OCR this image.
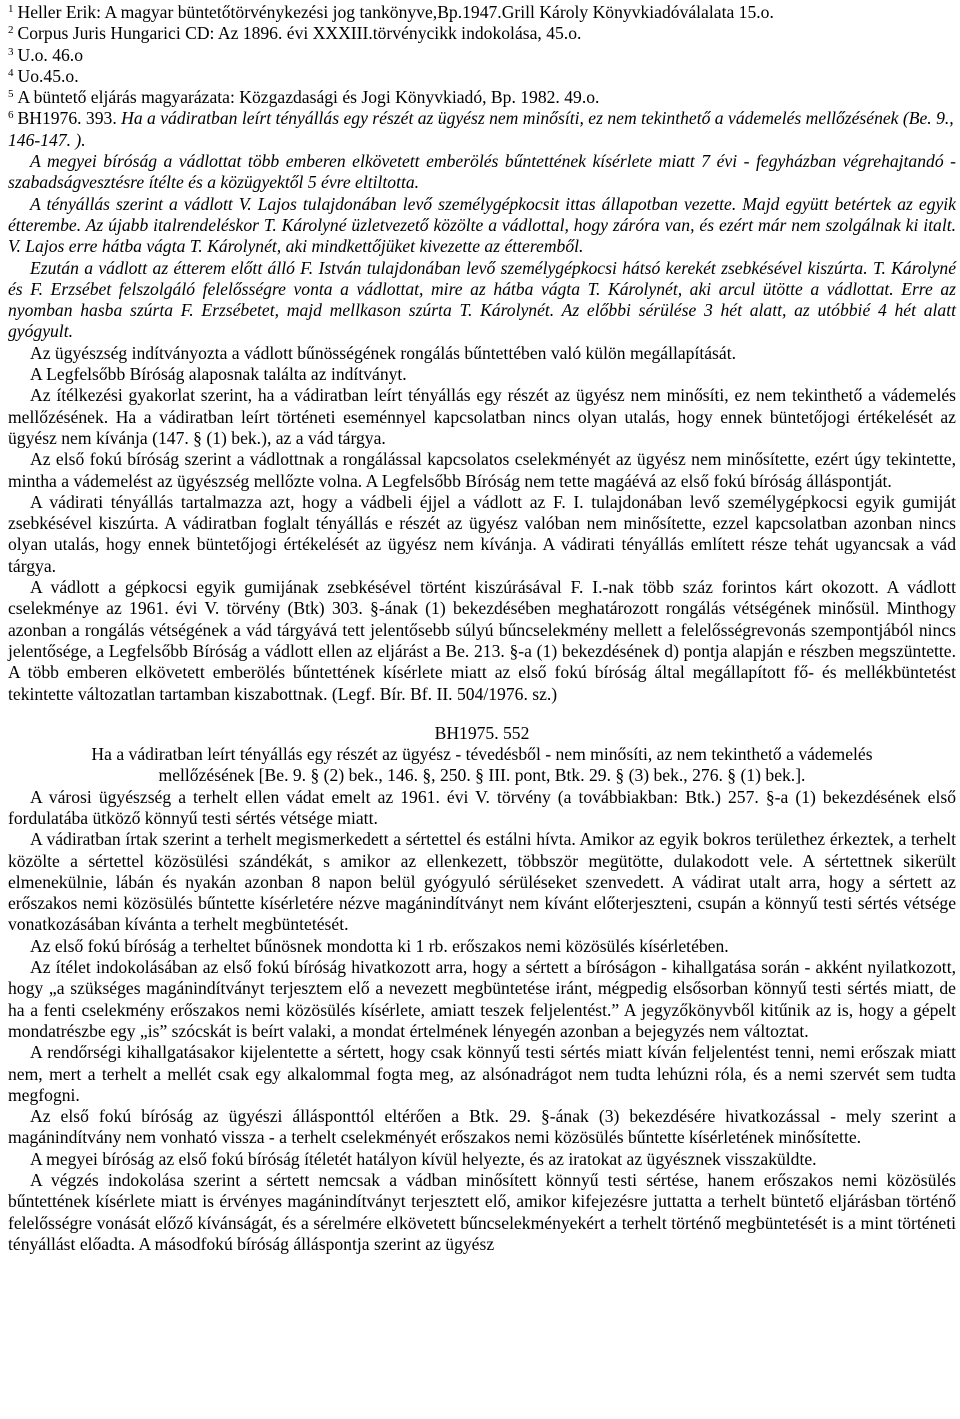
$^1$ Heller Erik: A magyar büntetőtörvénykezési jog tankönyve,Bp.1947.Grill Károly Könyvkiadóválalata 15.o.

$^2$ Corpus Juris Hungarici CD: Az 1896. évi XXXIII.törvénycikk indokolása, 45.o.

$^3$ U.o. 46.o

$^4$ Uo.45.o.

$^5$ A büntető eljárás magyarázata: Közgazdasági és Jogi Könyvkiadó, Bp. 1982. 49.o.

$^6$ BH1976. 393. Ha a vádiratban leírt tényállás egy részét az ügyész nem minősíti, ez nem tekinthető a vádemelés mellőzésének (Be. 9., 146-147. ).

A megyei bíróság a vádlottat több emberen elkövetett emberölés bűntettének kísérlete miatt 7 évi - fegyházban végrehajtandó - szabadságvesztésre ítélte és a közügyektől 5 évre eltiltotta.

A tényállás szerint a vádlott V. Lajos tulajdonában levő személygépkocsit ittas állapotban vezette. Majd együtt betértek az egyik étterembe. Az újabb italrendeléskor T. Károlyné üzletvezető közölte a vádlottal, hogy záróra van, és ezért már nem szolgálnak ki italt. V. Lajos erre hátba vágta T. Károlynét, aki mindkettőjüket kivezette az étteremből.

Ezután a vádlott az étterem előtt álló F. István tulajdonában levő személygépkocsi hátsó kerekét zsebkésével kiszúrta. T. Károlyné és F. Erzsébet felszolgáló felelősségre vonta a vádlottat, mire az hátba vágta T. Károlynét, aki arcul ütötte a vádlottat. Erre az nyomban hasba szúrta F. Erzsébetet, majd mellkason szúrta T. Károlynét. Az előbbi sérülése 3 hét alatt, az utóbbié 4 hét alatt gyógyult.

Az ügyészség indítványozta a vádlott bűnösségének rongálás bűntettében való külön megállapítását.

A Legfelsőbb Bíróság alaposnak találta az indítványt.

Az ítélkezési gyakorlat szerint, ha a vádiratban leírt tényállás egy részét az ügyész nem minősíti, ez nem tekinthető a vádemelés mellőzésének. Ha a vádiratban leírt történeti eseménnyel kapcsolatban nincs olyan utalás, hogy ennek büntetőjogi értékelését az ügyész nem kívánja (147. § (1) bek.), az a vád tárgya.

Az első fokú bíróság szerint a vádlottnak a rongálással kapcsolatos cselekményét az ügyész nem minősítette, ezért úgy tekintette, mintha a vádemelést az ügyészség mellőzte volna. A Legfelsőbb Bíróság nem tette magáévá az első fokú bíróság álláspontját.

A vádirati tényállás tartalmazza azt, hogy a vádbeli éjjel a vádlott az F. I. tulajdonában levő személygépkocsi egyik gumiját zsebkésével kiszúrta. A vádiratban foglalt tényállás e részét az ügyész valóban nem minősítette, ezzel kapcsolatban azonban nincs olyan utalás, hogy ennek büntetőjogi értékelését az ügyész nem kívánja. A vádirati tényállás említett része tehát ugyancsak a vád tárgya.

A vádlott a gépkocsi egyik gumijának zsebkésével történt kiszúrásával F. I.-nak több száz forintos kárt okozott. A vádlott cselekménye az 1961. évi V. törvény (Btk) 303. §-ának (1) bekezdésében meghatározott rongálás vétségének minősül. Minthogy azonban a rongálás vétségének a vád tárgyává tett jelentősebb súlyú bűncselekmény mellett a felelősségrevonás szempontjából nincs jelentősége, a Legfelsőbb Bíróság a vádlott ellen az eljárást a Be. 213. §-a (1) bekezdésének d) pontja alapján e részben megszüntette. A több emberen elkövetett emberölés bűntettének kísérlete miatt az első fokú bíróság által megállapított fő- és mellékbüntetést tekintette változatlan tartamban kiszabottnak. (Legf. Bír. Bf. II. 504/1976. sz.)

BH1975. 552

Ha a vádiratban leírt tényállás egy részét az ügyész - tévedésből - nem minősíti, az nem tekinthető a vádemelés mellőzésének [Be. 9. § (2) bek., 146. §, 250. § III. pont, Btk. 29. § (3) bek., 276. § (1) bek.].

A városi ügyészség a terhelt ellen vádat emelt az 1961. évi V. törvény (a továbbiakban: Btk.) 257. §-a (1) bekezdésének első fordulatába ütköző könnyű testi sértés vétsége miatt.

A vádiratban írtak szerint a terhelt megismerkedett a sértettel és estálni hívta. Amikor az egyik bokros területhez érkeztek, a terhelt közölte a sértettel közösülési szándékát, s amikor az ellenkezett, többször megütötte, dulakodott vele. A sértettnek sikerült elmenekülnie, lábán és nyakán azonban 8 napon belül gyógyuló sérüléseket szenvedett. A vádirat utalt arra, hogy a sértett az erőszakos nemi közösülés bűntette kísérletére nézve magánindítványt nem kívánt előterjeszteni, csupán a könnyű testi sértés vétsége vonatkozásában kívánta a terhelt megbüntetését.

Az első fokú bíróság a terheltet bűnösnek mondotta ki 1 rb. erőszakos nemi közösülés kísérletében.

Az ítélet indokolásában az első fokú bíróság hivatkozott arra, hogy a sértett a bíróságon - kihallgatása során - akként nyilatkozott, hogy „a szükséges magánindítványt terjesztem elő a nevezett megbüntetése iránt, mégpedig elsősorban könnyű testi sértés miatt, de ha a fenti cselekmény erőszakos nemi közösülés kísérlete, amiatt teszek feljelentést.” A jegyzőkönyvből kitűnik az is, hogy a gépelt mondatrészbe egy „is” szócskát is beírt valaki, a mondat értelmének lényegén azonban a bejegyzés nem változtat.

A rendőrségi kihallgatásakor kijelentette a sértett, hogy csak könnyű testi sértés miatt kíván feljelentést tenni, nemi erőszak miatt nem, mert a terhelt a mellét csak egy alkalommal fogta meg, az alsónadrágot nem tudta lehúzni róla, és a nemi szervét sem tudta megfogni.

Az első fokú bíróság az ügyészi állásponttól eltérően a Btk. 29. §-ának (3) bekezdésére hivatkozással - mely szerint a magánindítvány nem vonható vissza - a terhelt cselekményét erőszakos nemi közösülés bűntette kísérletének minősítette.

A megyei bíróság az első fokú bíróság ítéletét hatályon kívül helyezte, és az iratokat az ügyésznek visszaküldte.

A végzés indokolása szerint a sértett nemcsak a vádban minősített könnyű testi sértése, hanem erőszakos nemi közösülés bűntettének kísérlete miatt is érvényes magánindítványt terjesztett elő, amikor kifejezésre juttatta a terhelt büntető eljárásban történő felelősségre vonását előző kívánságát, és a sérelmére elkövetett bűncselekményekért a terhelt történő megbüntetését is a mint történeti tényállást előadta. A másodfokú bíróság álláspontja szerint az ügyész
